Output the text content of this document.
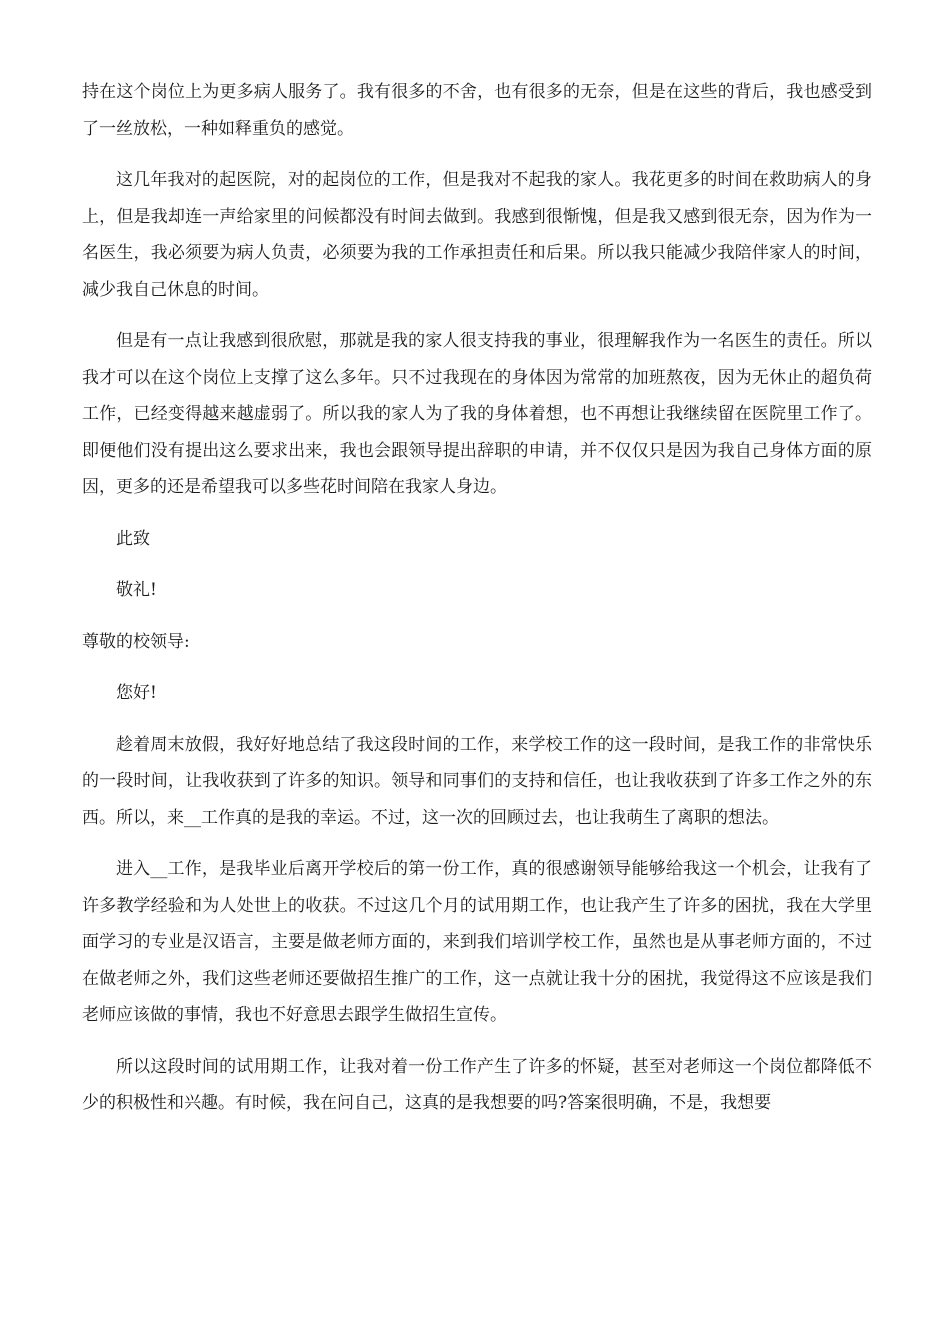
持在这个岗位上为更多病人服务了。我有很多的不舍，也有很多的无奈，但是在这些的背后，我也感受到了一丝放松，一种如释重负的感觉。

这几年我对的起医院，对的起岗位的工作，但是我对不起我的家人。我花更多的时间在救助病人的身上，但是我却连一声给家里的问候都没有时间去做到。我感到很惭愧，但是我又感到很无奈，因为作为一名医生，我必须要为病人负责，必须要为我的工作承担责任和后果。所以我只能减少我陪伴家人的时间，减少我自己休息的时间。

但是有一点让我感到很欣慰，那就是我的家人很支持我的事业，很理解我作为一名医生的责任。所以我才可以在这个岗位上支撑了这么多年。只不过我现在的身体因为常常的加班熬夜，因为无休止的超负荷工作，已经变得越来越虚弱了。所以我的家人为了我的身体着想，也不再想让我继续留在医院里工作了。即便他们没有提出这么要求出来，我也会跟领导提出辞职的申请，并不仅仅只是因为我自己身体方面的原因，更多的还是希望我可以多些花时间陪在我家人身边。

此致

敬礼!

尊敬的校领导:

您好!

趁着周末放假，我好好地总结了我这段时间的工作，来学校工作的这一段时间，是我工作的非常快乐的一段时间，让我收获到了许多的知识。领导和同事们的支持和信任，也让我收获到了许多工作之外的东西。所以，来__工作真的是我的幸运。不过，这一次的回顾过去，也让我萌生了离职的想法。

进入__工作，是我毕业后离开学校后的第一份工作，真的很感谢领导能够给我这一个机会，让我有了许多教学经验和为人处世上的收获。不过这几个月的试用期工作，也让我产生了许多的困扰，我在大学里面学习的专业是汉语言，主要是做老师方面的，来到我们培训学校工作，虽然也是从事老师方面的，不过在做老师之外，我们这些老师还要做招生推广的工作，这一点就让我十分的困扰，我觉得这不应该是我们老师应该做的事情，我也不好意思去跟学生做招生宣传。

所以这段时间的试用期工作，让我对着一份工作产生了许多的怀疑，甚至对老师这一个岗位都降低不少的积极性和兴趣。有时候，我在问自己，这真的是我想要的吗?答案很明确，不是，我想要
